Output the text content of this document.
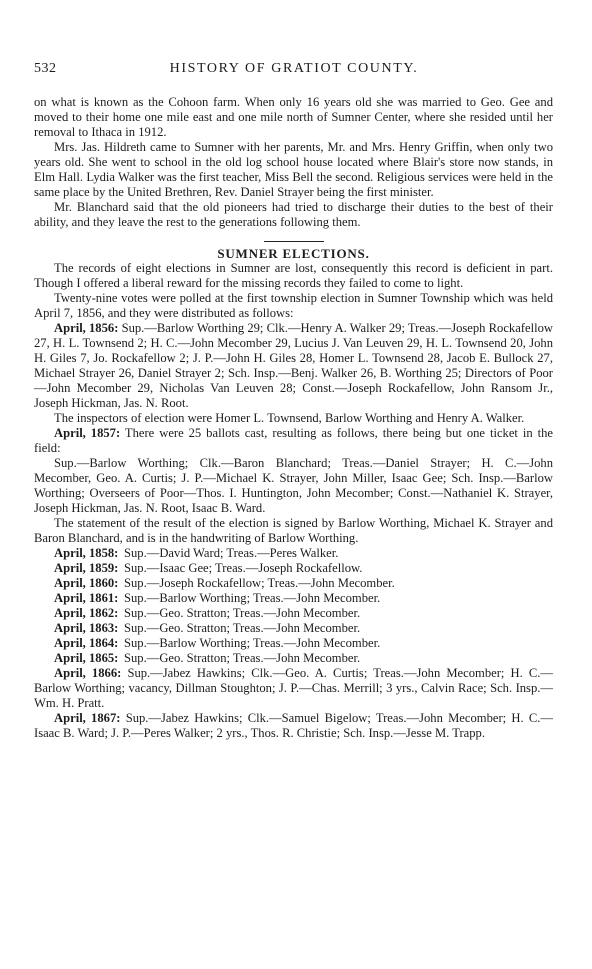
532	HISTORY OF GRATIOT COUNTY.

on what is known as the Cohoon farm. When only 16 years old she was married to Geo. Gee and moved to their home one mile east and one mile north of Sumner Center, where she resided until her removal to Ithaca in 1912.

Mrs. Jas. Hildreth came to Sumner with her parents, Mr. and Mrs. Henry Griffin, when only two years old. She went to school in the old log school house located where Blair's store now stands, in Elm Hall. Lydia Walker was the first teacher, Miss Bell the second. Religious services were held in the same place by the United Brethren, Rev. Daniel Strayer being the first minister.

Mr. Blanchard said that the old pioneers had tried to discharge their duties to the best of their ability, and they leave the rest to the generations following them.

SUMNER ELECTIONS.

The records of eight elections in Sumner are lost, consequently this record is deficient in part. Though I offered a liberal reward for the missing records they failed to come to light.

Twenty-nine votes were polled at the first township election in Sumner Township which was held April 7, 1856, and they were distributed as follows:

April, 1856: Sup.—Barlow Worthing 29; Clk.—Henry A. Walker 29; Treas.—Joseph Rockafellow 27, H. L. Townsend 2; H. C.—John Mecomber 29, Lucius J. Van Leuven 29, H. L. Townsend 20, John H. Giles 7, Jo. Rockafellow 2; J. P.—John H. Giles 28, Homer L. Townsend 28, Jacob E. Bullock 27, Michael Strayer 26, Daniel Strayer 2; Sch. Insp.—Benj. Walker 26, B. Worthing 25; Directors of Poor—John Mecomber 29, Nicholas Van Leuven 28; Const.—Joseph Rockafellow, John Ransom Jr., Joseph Hickman, Jas. N. Root.

The inspectors of election were Homer L. Townsend, Barlow Worthing and Henry A. Walker.

April, 1857: There were 25 ballots cast, resulting as follows, there being but one ticket in the field:

Sup.—Barlow Worthing; Clk.—Baron Blanchard; Treas.—Daniel Strayer; H. C.—John Mecomber, Geo. A. Curtis; J. P.—Michael K. Strayer, John Miller, Isaac Gee; Sch. Insp.—Barlow Worthing; Overseers of Poor—Thos. I. Huntington, John Mecomber; Const.—Nathaniel K. Strayer, Joseph Hickman, Jas. N. Root, Isaac B. Ward.

The statement of the result of the election is signed by Barlow Worthing, Michael K. Strayer and Baron Blanchard, and is in the handwriting of Barlow Worthing.

April, 1858: Sup.—David Ward; Treas.—Peres Walker.
April, 1859: Sup.—Isaac Gee; Treas.—Joseph Rockafellow.
April, 1860: Sup.—Joseph Rockafellow; Treas.—John Mecomber.
April, 1861: Sup.—Barlow Worthing; Treas.—John Mecomber.
April, 1862: Sup.—Geo. Stratton; Treas.—John Mecomber.
April, 1863: Sup.—Geo. Stratton; Treas.—John Mecomber.
April, 1864: Sup.—Barlow Worthing; Treas.—John Mecomber.
April, 1865: Sup.—Geo. Stratton; Treas.—John Mecomber.

April, 1866: Sup.—Jabez Hawkins; Clk.—Geo. A. Curtis; Treas.—John Mecomber; H. C.—Barlow Worthing; vacancy, Dillman Stoughton; J. P.—Chas. Merrill; 3 yrs., Calvin Race; Sch. Insp.—Wm. H. Pratt.

April, 1867: Sup.—Jabez Hawkins; Clk.—Samuel Bigelow; Treas.—John Mecomber; H. C.—Isaac B. Ward; J. P.—Peres Walker; 2 yrs., Thos. R. Christie; Sch. Insp.—Jesse M. Trapp.
